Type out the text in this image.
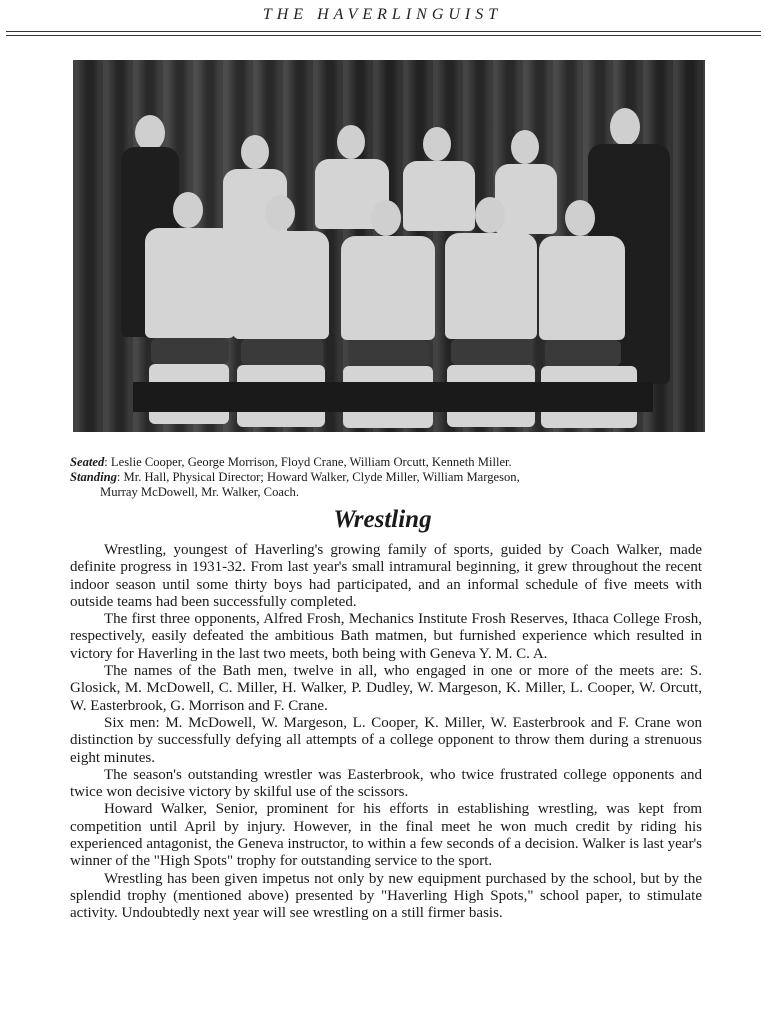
THE HAVERLINGUIST
Seated: Leslie Cooper, George Morrison, Floyd Crane, William Orcutt, Kenneth Miller.
Standing: Mr. Hall, Physical Director; Howard Walker, Clyde Miller, William Margeson,
Murray McDowell, Mr. Walker, Coach.
Wrestling

Wrestling, youngest of Haverling's growing family of sports, guided by Coach Walker, made definite progress in 1931-32. From last year's small intramural beginning, it grew throughout the recent indoor season until some thirty boys had participated, and an informal schedule of five meets with outside teams had been successfully completed.

The first three opponents, Alfred Frosh, Mechanics Institute Frosh Reserves, Ithaca College Frosh, respectively, easily defeated the ambitious Bath matmen, but furnished experience which resulted in victory for Haverling in the last two meets, both being with Geneva Y. M. C. A.

The names of the Bath men, twelve in all, who engaged in one or more of the meets are: S. Glosick, M. McDowell, C. Miller, H. Walker, P. Dudley, W. Margeson, K. Miller, L. Cooper, W. Orcutt, W. Easterbrook, G. Morrison and F. Crane.

Six men: M. McDowell, W. Margeson, L. Cooper, K. Miller, W. Easterbrook and F. Crane won distinction by successfully defying all attempts of a college opponent to throw them during a strenuous eight minutes.

The season's outstanding wrestler was Easterbrook, who twice frustrated college opponents and twice won decisive victory by skilful use of the scissors.

Howard Walker, Senior, prominent for his efforts in establishing wrestling, was kept from competition until April by injury. However, in the final meet he won much credit by riding his experienced antagonist, the Geneva instructor, to within a few seconds of a decision. Walker is last year's winner of the "High Spots" trophy for outstanding service to the sport.

Wrestling has been given impetus not only by new equipment purchased by the school, but by the splendid trophy (mentioned above) presented by "Haverling High Spots," school paper, to stimulate activity. Undoubtedly next year will see wrestling on a still firmer basis.
